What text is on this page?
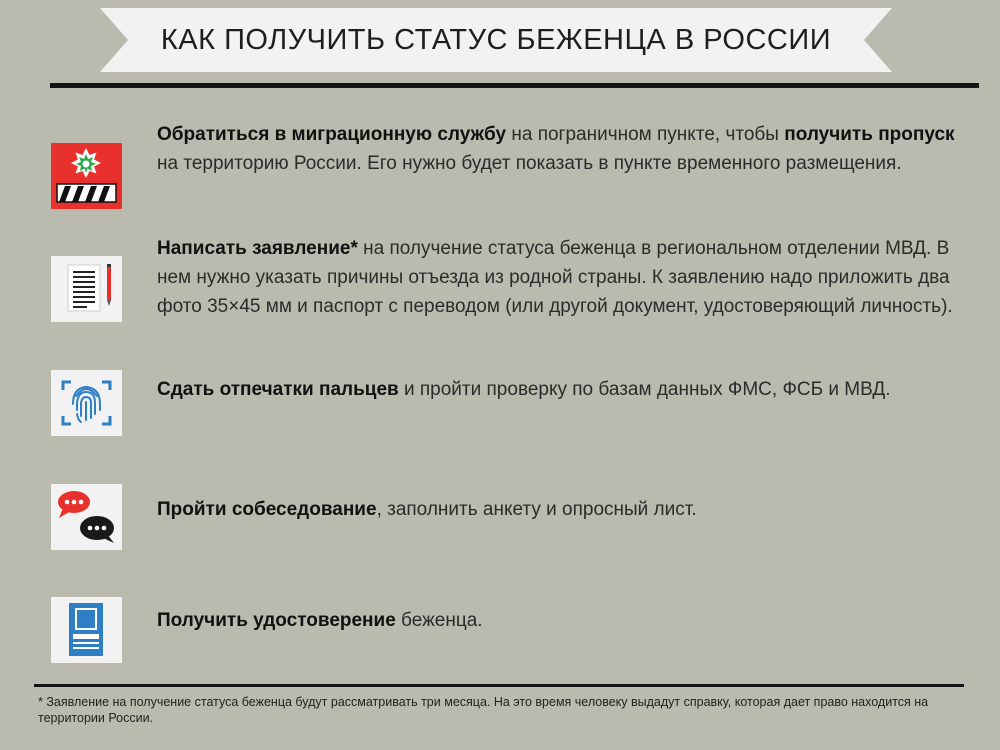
КАК ПОЛУЧИТЬ СТАТУС БЕЖЕНЦА В РОССИИ
Обратиться в миграционную службу на пограничном пункте, чтобы получить пропуск на территорию России. Его нужно будет показать в пункте временного размещения.
Написать заявление* на получение статуса беженца в региональном отделении МВД. В нем нужно указать причины отъезда из родной страны. К заявлению надо приложить два фото 35×45 мм и паспорт с переводом (или другой документ, удостоверяющий личность).
Сдать отпечатки пальцев и пройти проверку по базам данных ФМС, ФСБ и МВД.
Пройти собеседование, заполнить анкету и опросный лист.
Получить удостоверение беженца.
* Заявление на получение статуса беженца будут рассматривать три месяца. На это время человеку выдадут справку, которая дает право находится на территории России.
